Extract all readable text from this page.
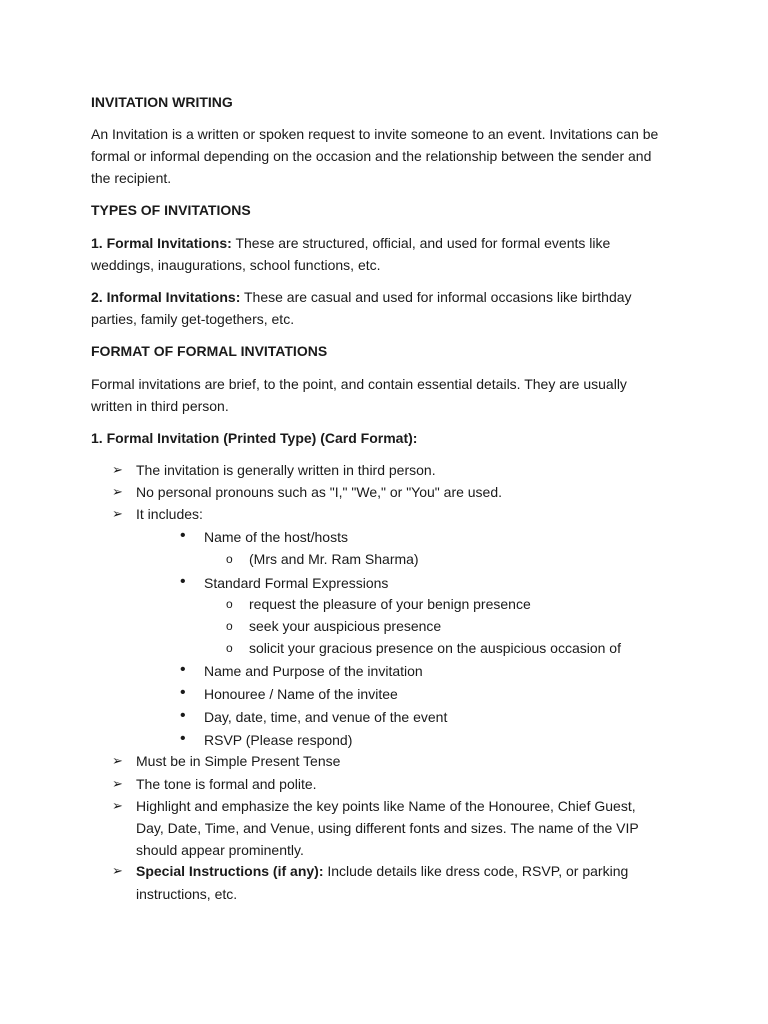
INVITATION WRITING
An Invitation is a written or spoken request to invite someone to an event. Invitations can be
formal or informal depending on the occasion and the relationship between the sender and
the recipient.
TYPES OF INVITATIONS
1. Formal Invitations: These are structured, official, and used for formal events like
weddings, inaugurations, school functions, etc.
2. Informal Invitations: These are casual and used for informal occasions like birthday
parties, family get-togethers, etc.
FORMAT OF FORMAL INVITATIONS
Formal invitations are brief, to the point, and contain essential details. They are usually
written in third person.
1. Formal Invitation (Printed Type) (Card Format):
➢ The invitation is generally written in third person.
➢ No personal pronouns such as "I," "We," or "You" are used.
➢ It includes:
• Name of the host/hosts
o (Mrs and Mr. Ram Sharma)
• Standard Formal Expressions
o request the pleasure of your benign presence
o seek your auspicious presence
o solicit your gracious presence on the auspicious occasion of
• Name and Purpose of the invitation
• Honouree / Name of the invitee
• Day, date, time, and venue of the event
• RSVP (Please respond)
➢ Must be in Simple Present Tense
➢ The tone is formal and polite.
➢ Highlight and emphasize the key points like Name of the Honouree, Chief Guest,
Day, Date, Time, and Venue, using different fonts and sizes. The name of the VIP
should appear prominently.
➢ Special Instructions (if any): Include details like dress code, RSVP, or parking
instructions, etc.
